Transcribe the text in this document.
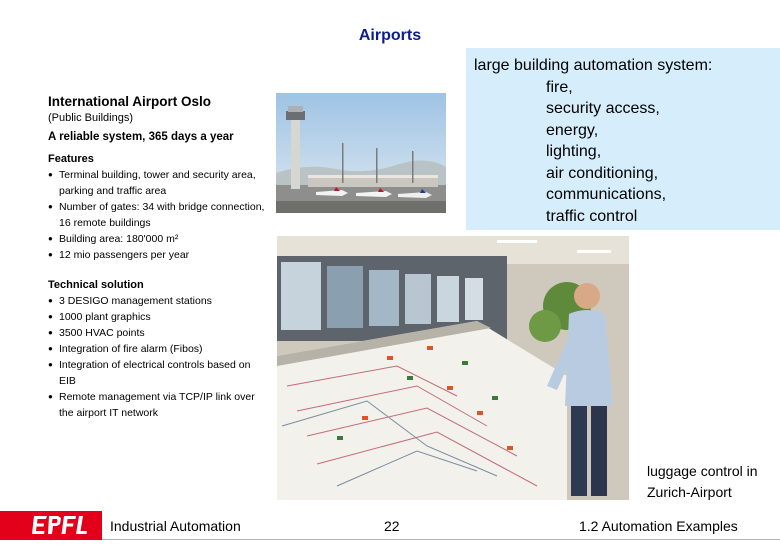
Airports
International Airport Oslo
(Public Buildings)
A reliable system, 365 days a year
Features
● Terminal building, tower and security area, parking and traffic area
● Number of gates: 34 with bridge connection, 16 remote buildings
● Building area: 180'000 m²
● 12 mio passengers per year
Technical solution
● 3 DESIGO management stations
● 1000 plant graphics
● 3500 HVAC points
● Integration of fire alarm (Fibos)
● Integration of electrical controls based on EIB
● Remote management via TCP/IP link over the airport IT network
large building automation system:
fire,
security access,
energy,
lighting,
air conditioning,
communications,
traffic control
luggage control in
Zurich-Airport
Industrial Automation	22	1.2 Automation Examples
